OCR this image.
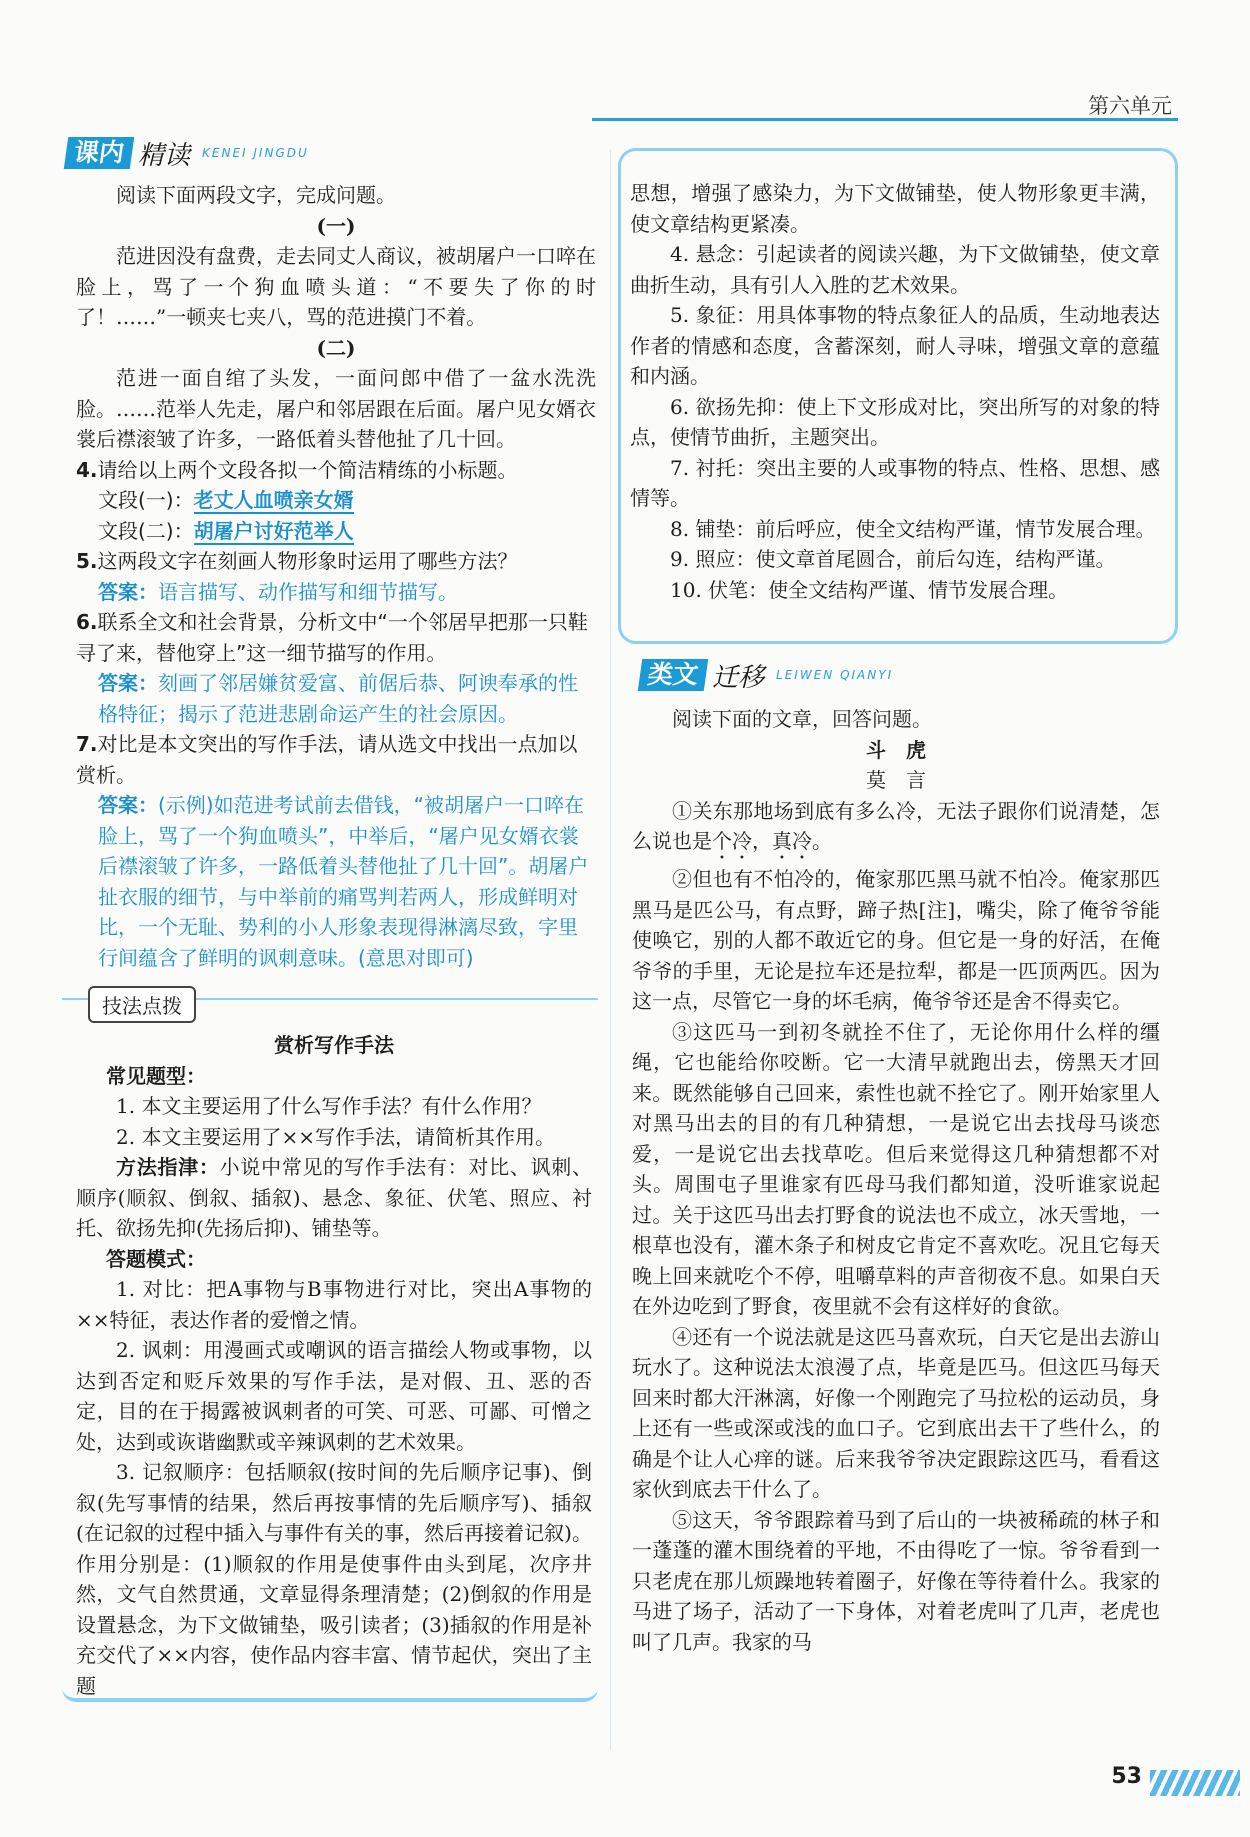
第六单元
课内 精读 KENEI JINGDU

阅读下面两段文字，完成问题。

(一)

范进因没有盘费，走去同丈人商议，被胡屠户一口啐在脸上，骂了一个狗血喷头道：“不要失了你的时了！……”一顿夹七夹八，骂的范进摸门不着。

(二)

范进一面自绾了头发，一面问郎中借了一盆水洗洗脸。……范举人先走，屠户和邻居跟在后面。屠户见女婿衣裳后襟滚皱了许多，一路低着头替他扯了几十回。

4.请给以上两个文段各拟一个简洁精练的小标题。

文段(一)：老丈人血喷亲女婿

文段(二)：胡屠户讨好范举人

5.这两段文字在刻画人物形象时运用了哪些方法？

答案：语言描写、动作描写和细节描写。

6.联系全文和社会背景，分析文中“一个邻居早把那一只鞋寻了来，替他穿上”这一细节描写的作用。

答案：刻画了邻居嫌贫爱富、前倨后恭、阿谀奉承的性格特征；揭示了范进悲剧命运产生的社会原因。

7.对比是本文突出的写作手法，请从选文中找出一点加以赏析。

答案：(示例)如范进考试前去借钱，“被胡屠户一口啐在脸上，骂了一个狗血喷头”，中举后，“屠户见女婿衣裳后襟滚皱了许多，一路低着头替他扯了几十回”。胡屠户扯衣服的细节，与中举前的痛骂判若两人，形成鲜明对比，一个无耻、势利的小人形象表现得淋漓尽致，字里行间蕴含了鲜明的讽刺意味。(意思对即可)

技法点拨

赏析写作手法

常见题型：

1. 本文主要运用了什么写作手法？有什么作用？

2. 本文主要运用了××写作手法，请简析其作用。

方法指津：小说中常见的写作手法有：对比、讽刺、顺序(顺叙、倒叙、插叙)、悬念、象征、伏笔、照应、衬托、欲扬先抑(先扬后抑)、铺垫等。

答题模式：

1. 对比：把A事物与B事物进行对比，突出A事物的××特征，表达作者的爱憎之情。

2. 讽刺：用漫画式或嘲讽的语言描绘人物或事物，以达到否定和贬斥效果的写作手法，是对假、丑、恶的否定，目的在于揭露被讽刺者的可笑、可恶、可鄙、可憎之处，达到或诙谐幽默或辛辣讽刺的艺术效果。

3. 记叙顺序：包括顺叙(按时间的先后顺序记事)、倒叙(先写事情的结果，然后再按事情的先后顺序写)、插叙(在记叙的过程中插入与事件有关的事，然后再接着记叙)。作用分别是：(1)顺叙的作用是使事件由头到尾，次序井然，文气自然贯通，文章显得条理清楚；(2)倒叙的作用是设置悬念，为下文做铺垫，吸引读者；(3)插叙的作用是补充交代了××内容，使作品内容丰富、情节起伏，突出了主题

思想，增强了感染力，为下文做铺垫，使人物形象更丰满，使文章结构更紧凑。

4. 悬念：引起读者的阅读兴趣，为下文做铺垫，使文章曲折生动，具有引人入胜的艺术效果。

5. 象征：用具体事物的特点象征人的品质，生动地表达作者的情感和态度，含蓄深刻，耐人寻味，增强文章的意蕴和内涵。

6. 欲扬先抑：使上下文形成对比，突出所写的对象的特点，使情节曲折，主题突出。

7. 衬托：突出主要的人或事物的特点、性格、思想、感情等。

8. 铺垫：前后呼应，使全文结构严谨，情节发展合理。

9. 照应：使文章首尾圆合，前后勾连，结构严谨。

10. 伏笔：使全文结构严谨、情节发展合理。

类文 迁移 LEIWEN QIANYI

阅读下面的文章，回答问题。

斗　虎

莫　言

①关东那地场到底有多么冷，无法子跟你们说清楚，怎么说也是个冷，真冷。

②但也有不怕冷的，俺家那匹黑马就不怕冷。俺家那匹黑马是匹公马，有点野，蹄子热[注]，嘴尖，除了俺爷爷能使唤它，别的人都不敢近它的身。但它是一身的好活，在俺爷爷的手里，无论是拉车还是拉犁，都是一匹顶两匹。因为这一点，尽管它一身的坏毛病，俺爷爷还是舍不得卖它。

③这匹马一到初冬就拴不住了，无论你用什么样的缰绳，它也能给你咬断。它一大清早就跑出去，傍黑天才回来。既然能够自己回来，索性也就不拴它了。刚开始家里人对黑马出去的目的有几种猜想，一是说它出去找母马谈恋爱，一是说它出去找草吃。但后来觉得这几种猜想都不对头。周围屯子里谁家有匹母马我们都知道，没听谁家说起过。关于这匹马出去打野食的说法也不成立，冰天雪地，一根草也没有，灌木条子和树皮它肯定不喜欢吃。况且它每天晚上回来就吃个不停，咀嚼草料的声音彻夜不息。如果白天在外边吃到了野食，夜里就不会有这样好的食欲。

④还有一个说法就是这匹马喜欢玩，白天它是出去游山玩水了。这种说法太浪漫了点，毕竟是匹马。但这匹马每天回来时都大汗淋漓，好像一个刚跑完了马拉松的运动员，身上还有一些或深或浅的血口子。它到底出去干了些什么，的确是个让人心痒的谜。后来我爷爷决定跟踪这匹马，看看这家伙到底去干什么了。

⑤这天，爷爷跟踪着马到了后山的一块被稀疏的林子和一蓬蓬的灌木围绕着的平地，不由得吃了一惊。爷爷看到一只老虎在那儿烦躁地转着圈子，好像在等待着什么。我家的马进了场子，活动了一下身体，对着老虎叫了几声，老虎也叫了几声。我家的马

53
